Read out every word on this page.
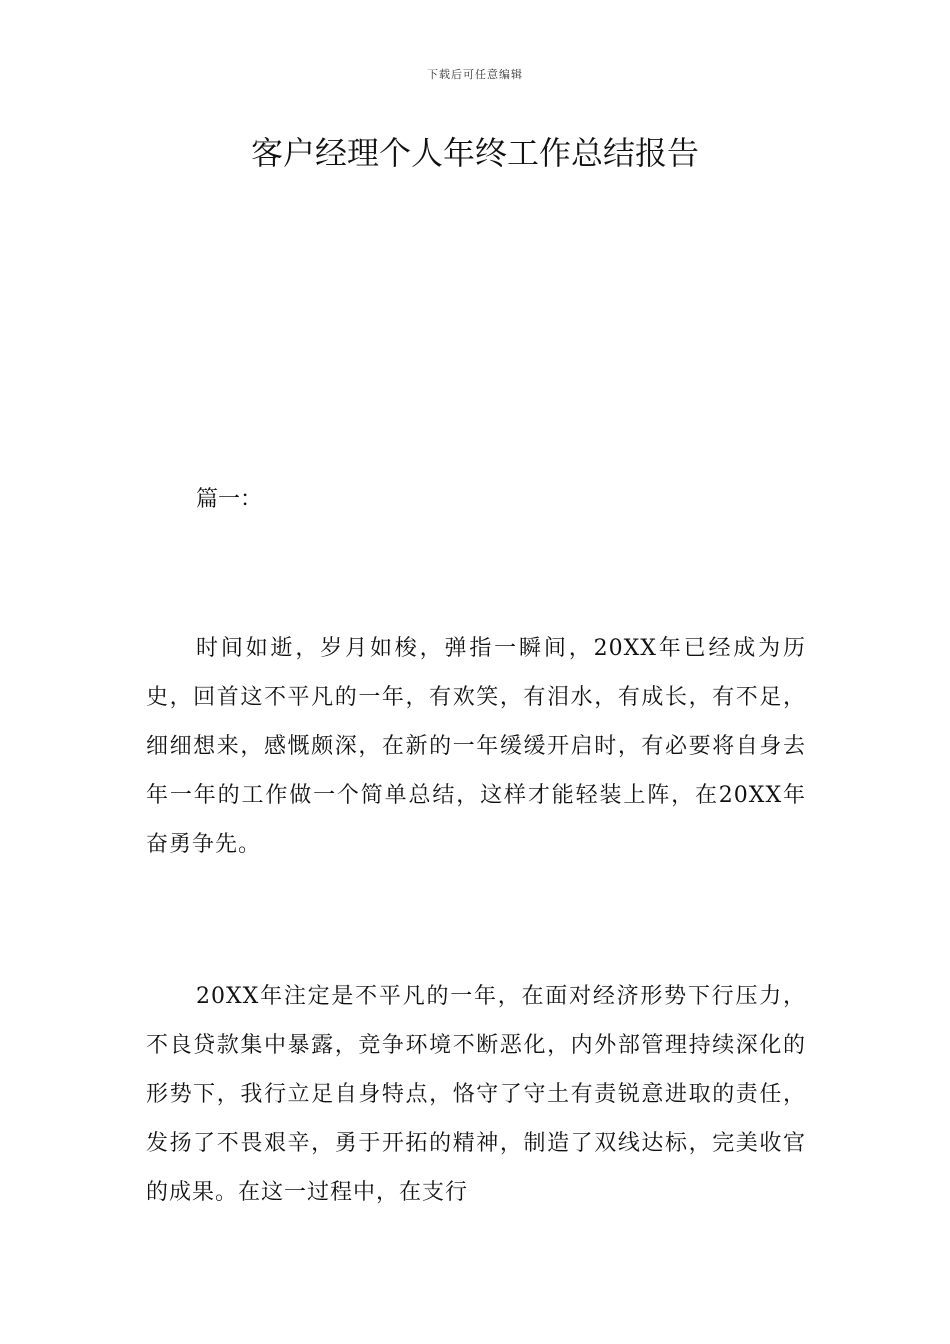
下载后可任意编辑
客户经理个人年终工作总结报告

篇一：

时间如逝，岁月如梭，弹指一瞬间，20XX年已经成为历史，回首这不平凡的一年，有欢笑，有泪水，有成长，有不足，细细想来，感慨颇深，在新的一年缓缓开启时，有必要将自身去年一年的工作做一个简单总结，这样才能轻装上阵，在20XX年奋勇争先。

20XX年注定是不平凡的一年，在面对经济形势下行压力，不良贷款集中暴露，竞争环境不断恶化，内外部管理持续深化的形势下，我行立足自身特点，恪守了守土有责锐意进取的责任，发扬了不畏艰辛，勇于开拓的精神，制造了双线达标，完美收官的成果。在这一过程中，在支行
